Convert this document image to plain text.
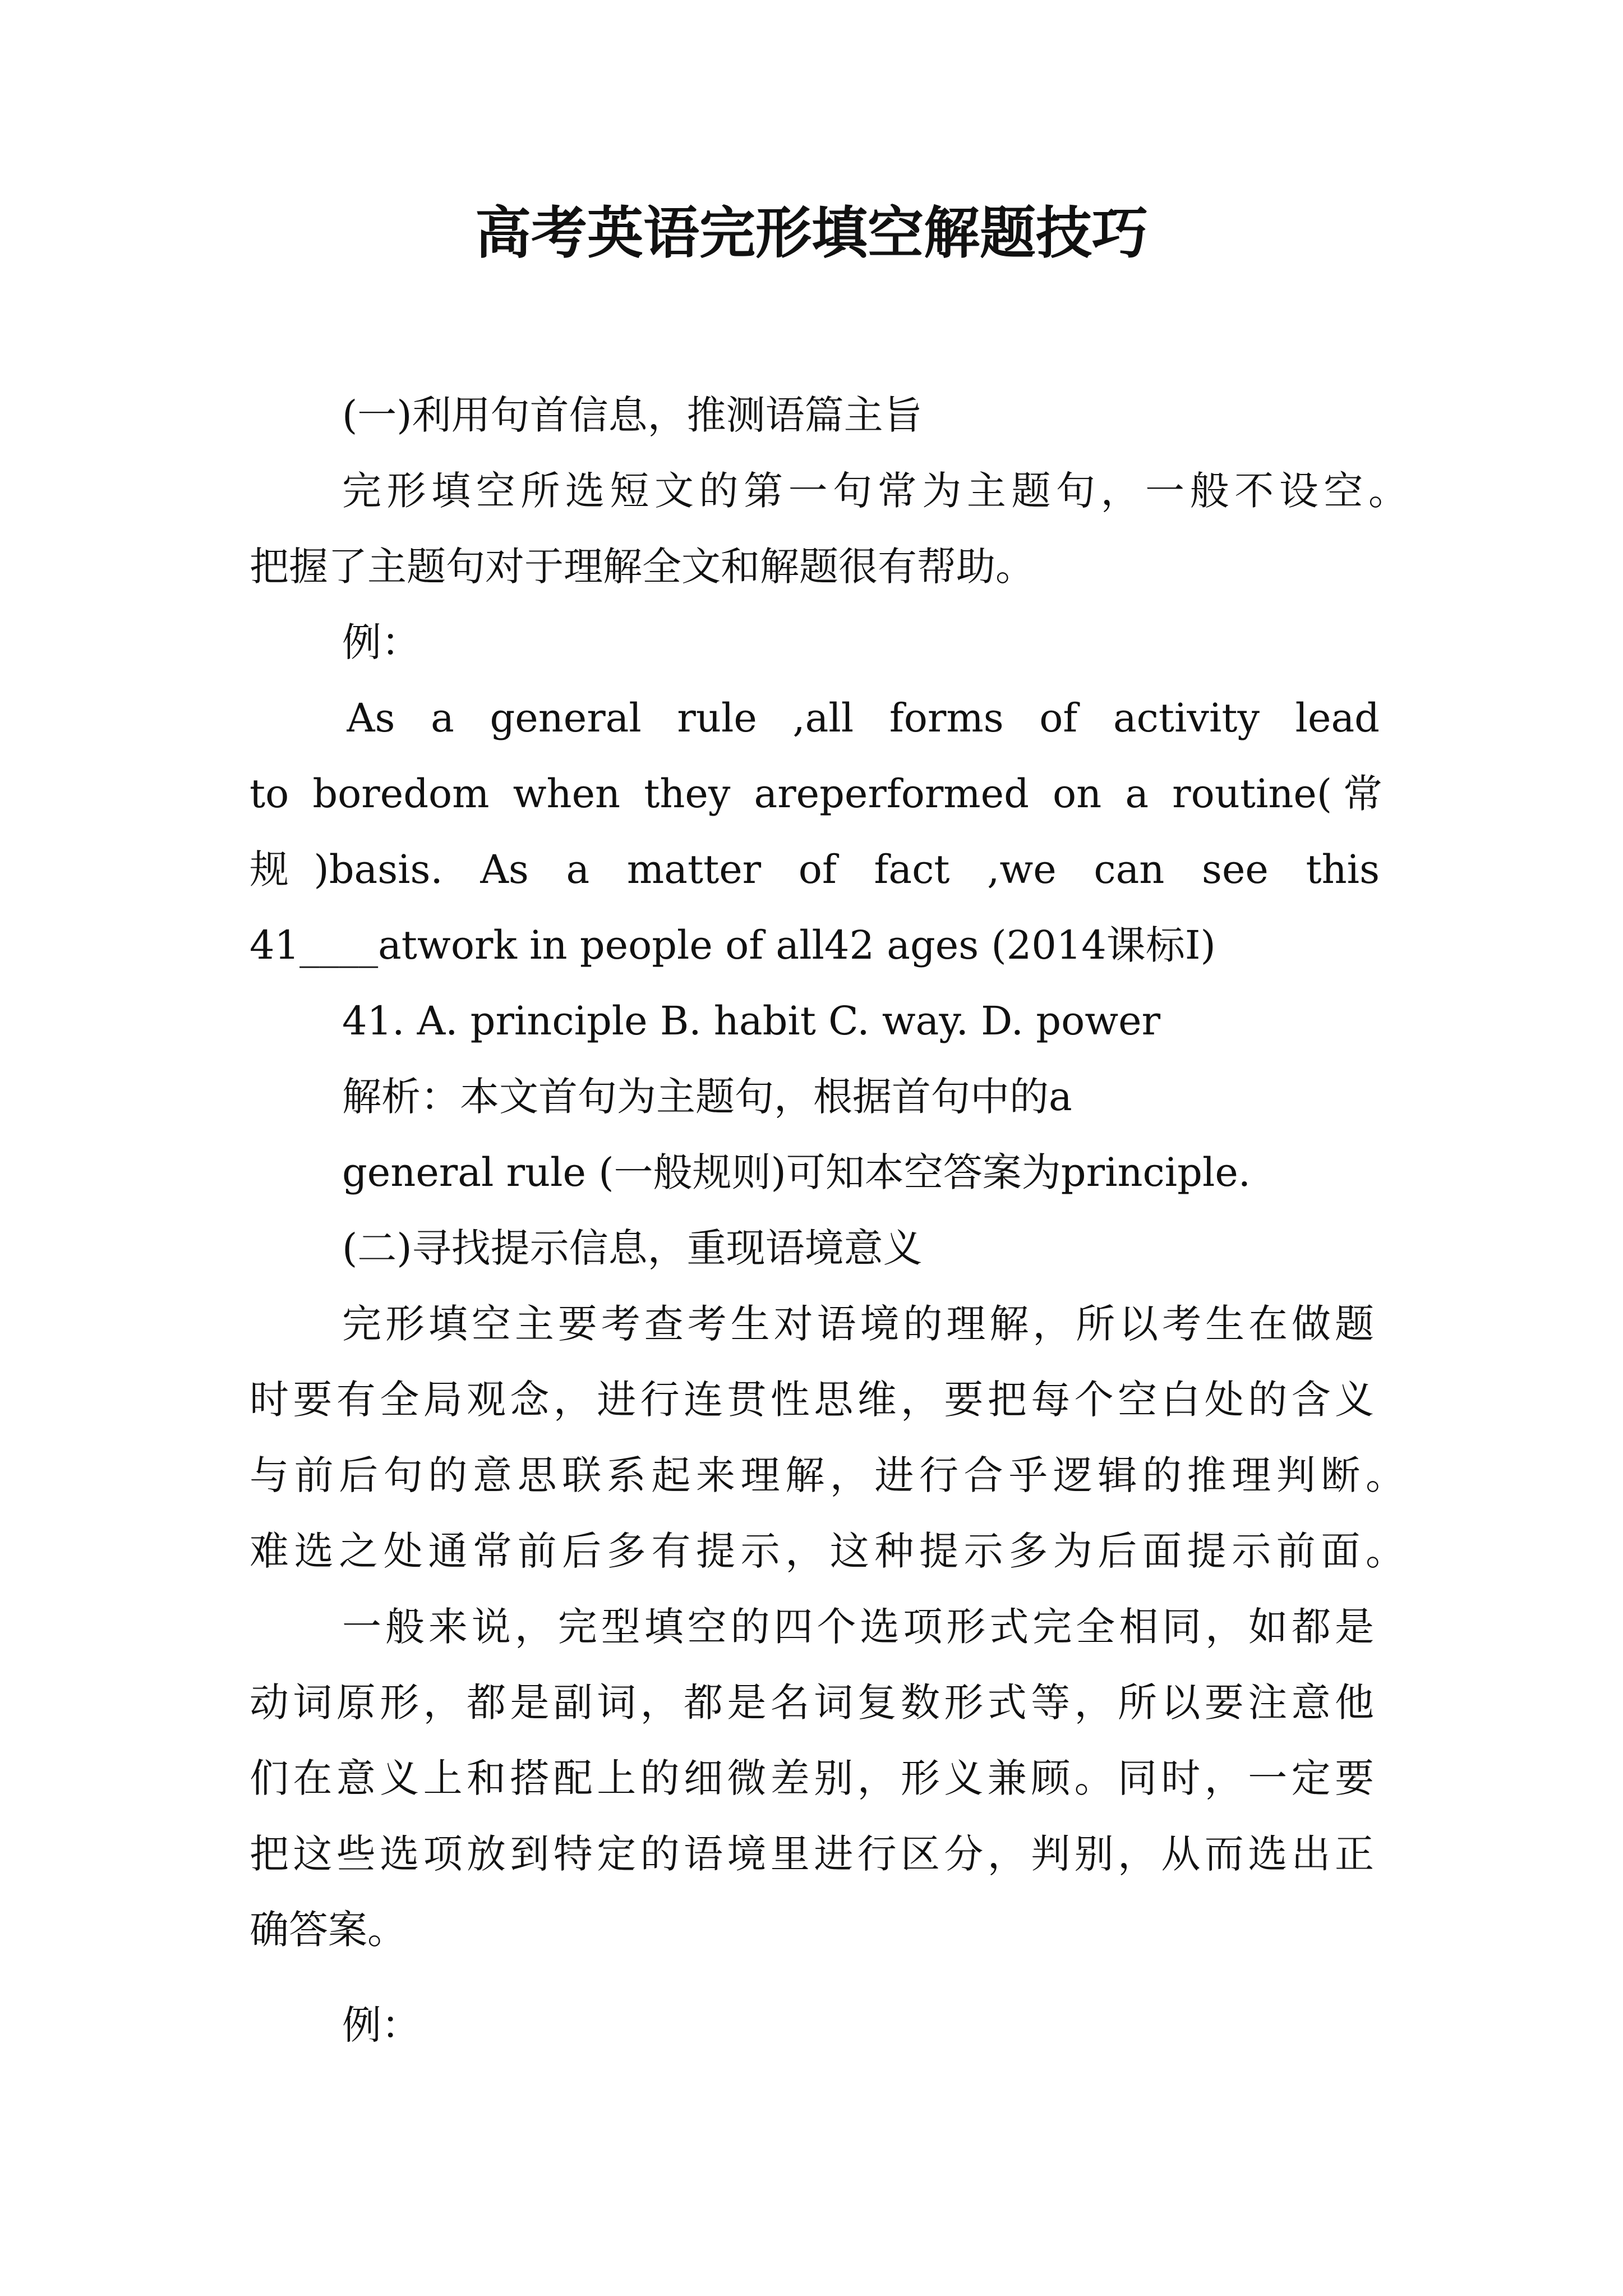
高考英语完形填空解题技巧
(一)利用句首信息，推测语篇主旨
完形填空所选短文的第一句常为主题句，一般不设空。
把握了主题句对于理解全文和解题很有帮助。
例：
As a general rule ,all forms of activity lead
to boredom when they areperformed on a routine(常
规)basis. As a matter of fact ,we can see this
41____atwork in people of all42 ages (2014课标I)
41. A. principle B. habit C. way. D. power
解析：本文首句为主题句，根据首句中的a
general rule (一般规则)可知本空答案为principle.
(二)寻找提示信息，重现语境意义
完形填空主要考查考生对语境的理解，所以考生在做题
时要有全局观念，进行连贯性思维，要把每个空白处的含义
与前后句的意思联系起来理解，进行合乎逻辑的推理判断。
难选之处通常前后多有提示，这种提示多为后面提示前面。
一般来说，完型填空的四个选项形式完全相同，如都是
动词原形，都是副词，都是名词复数形式等，所以要注意他
们在意义上和搭配上的细微差别，形义兼顾。同时，一定要
把这些选项放到特定的语境里进行区分，判别，从而选出正
确答案。
例：
